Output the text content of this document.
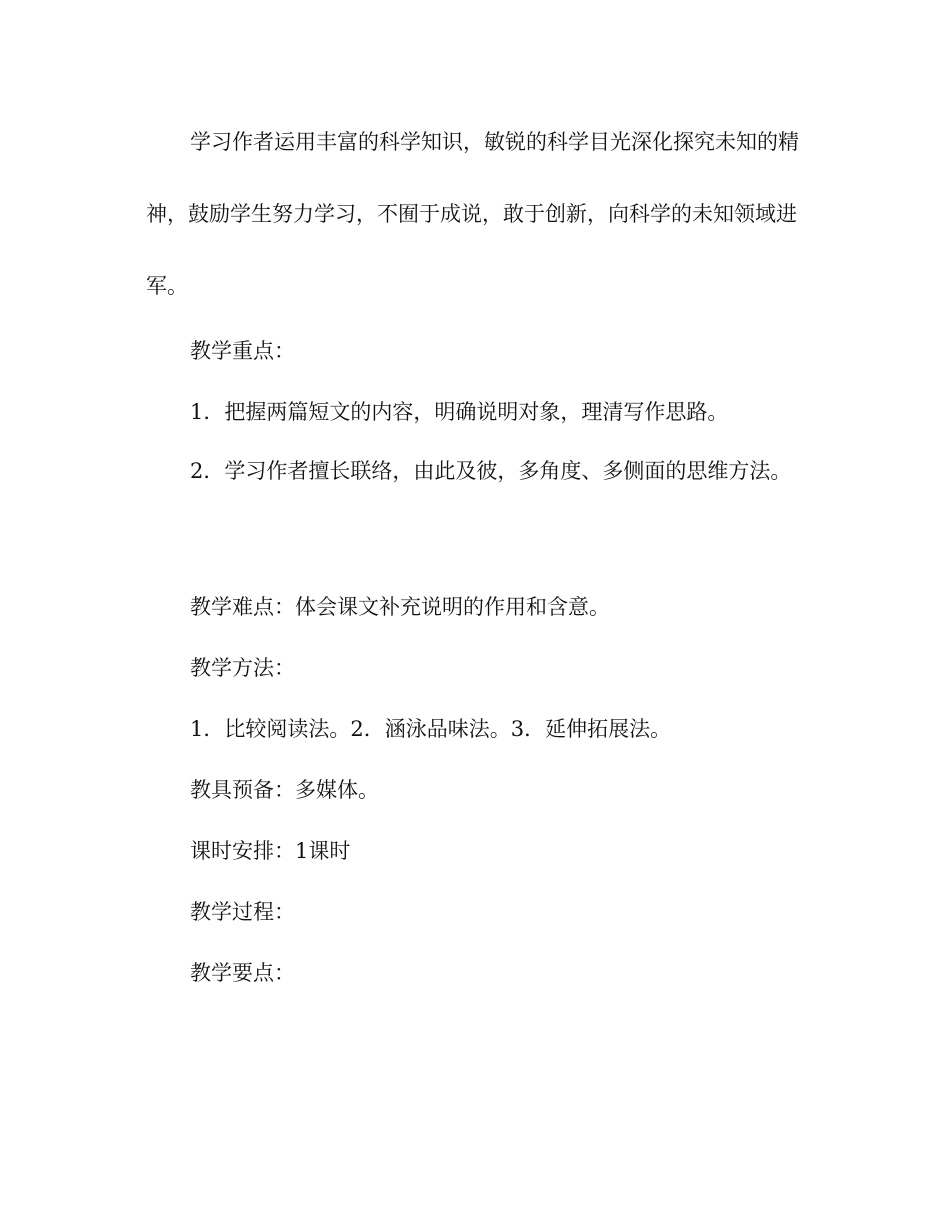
学习作者运用丰富的科学知识，敏锐的科学目光深化探究未知的精神，鼓励学生努力学习，不囿于成说，敢于创新，向科学的未知领域进军。

教学重点：

1．把握两篇短文的内容，明确说明对象，理清写作思路。

2．学习作者擅长联络，由此及彼，多角度、多侧面的思维方法。

教学难点：体会课文补充说明的作用和含意。

教学方法：

1．比较阅读法。2．涵泳品味法。3．延伸拓展法。

教具预备：多媒体。

课时安排：1课时

教学过程：

教学要点：
